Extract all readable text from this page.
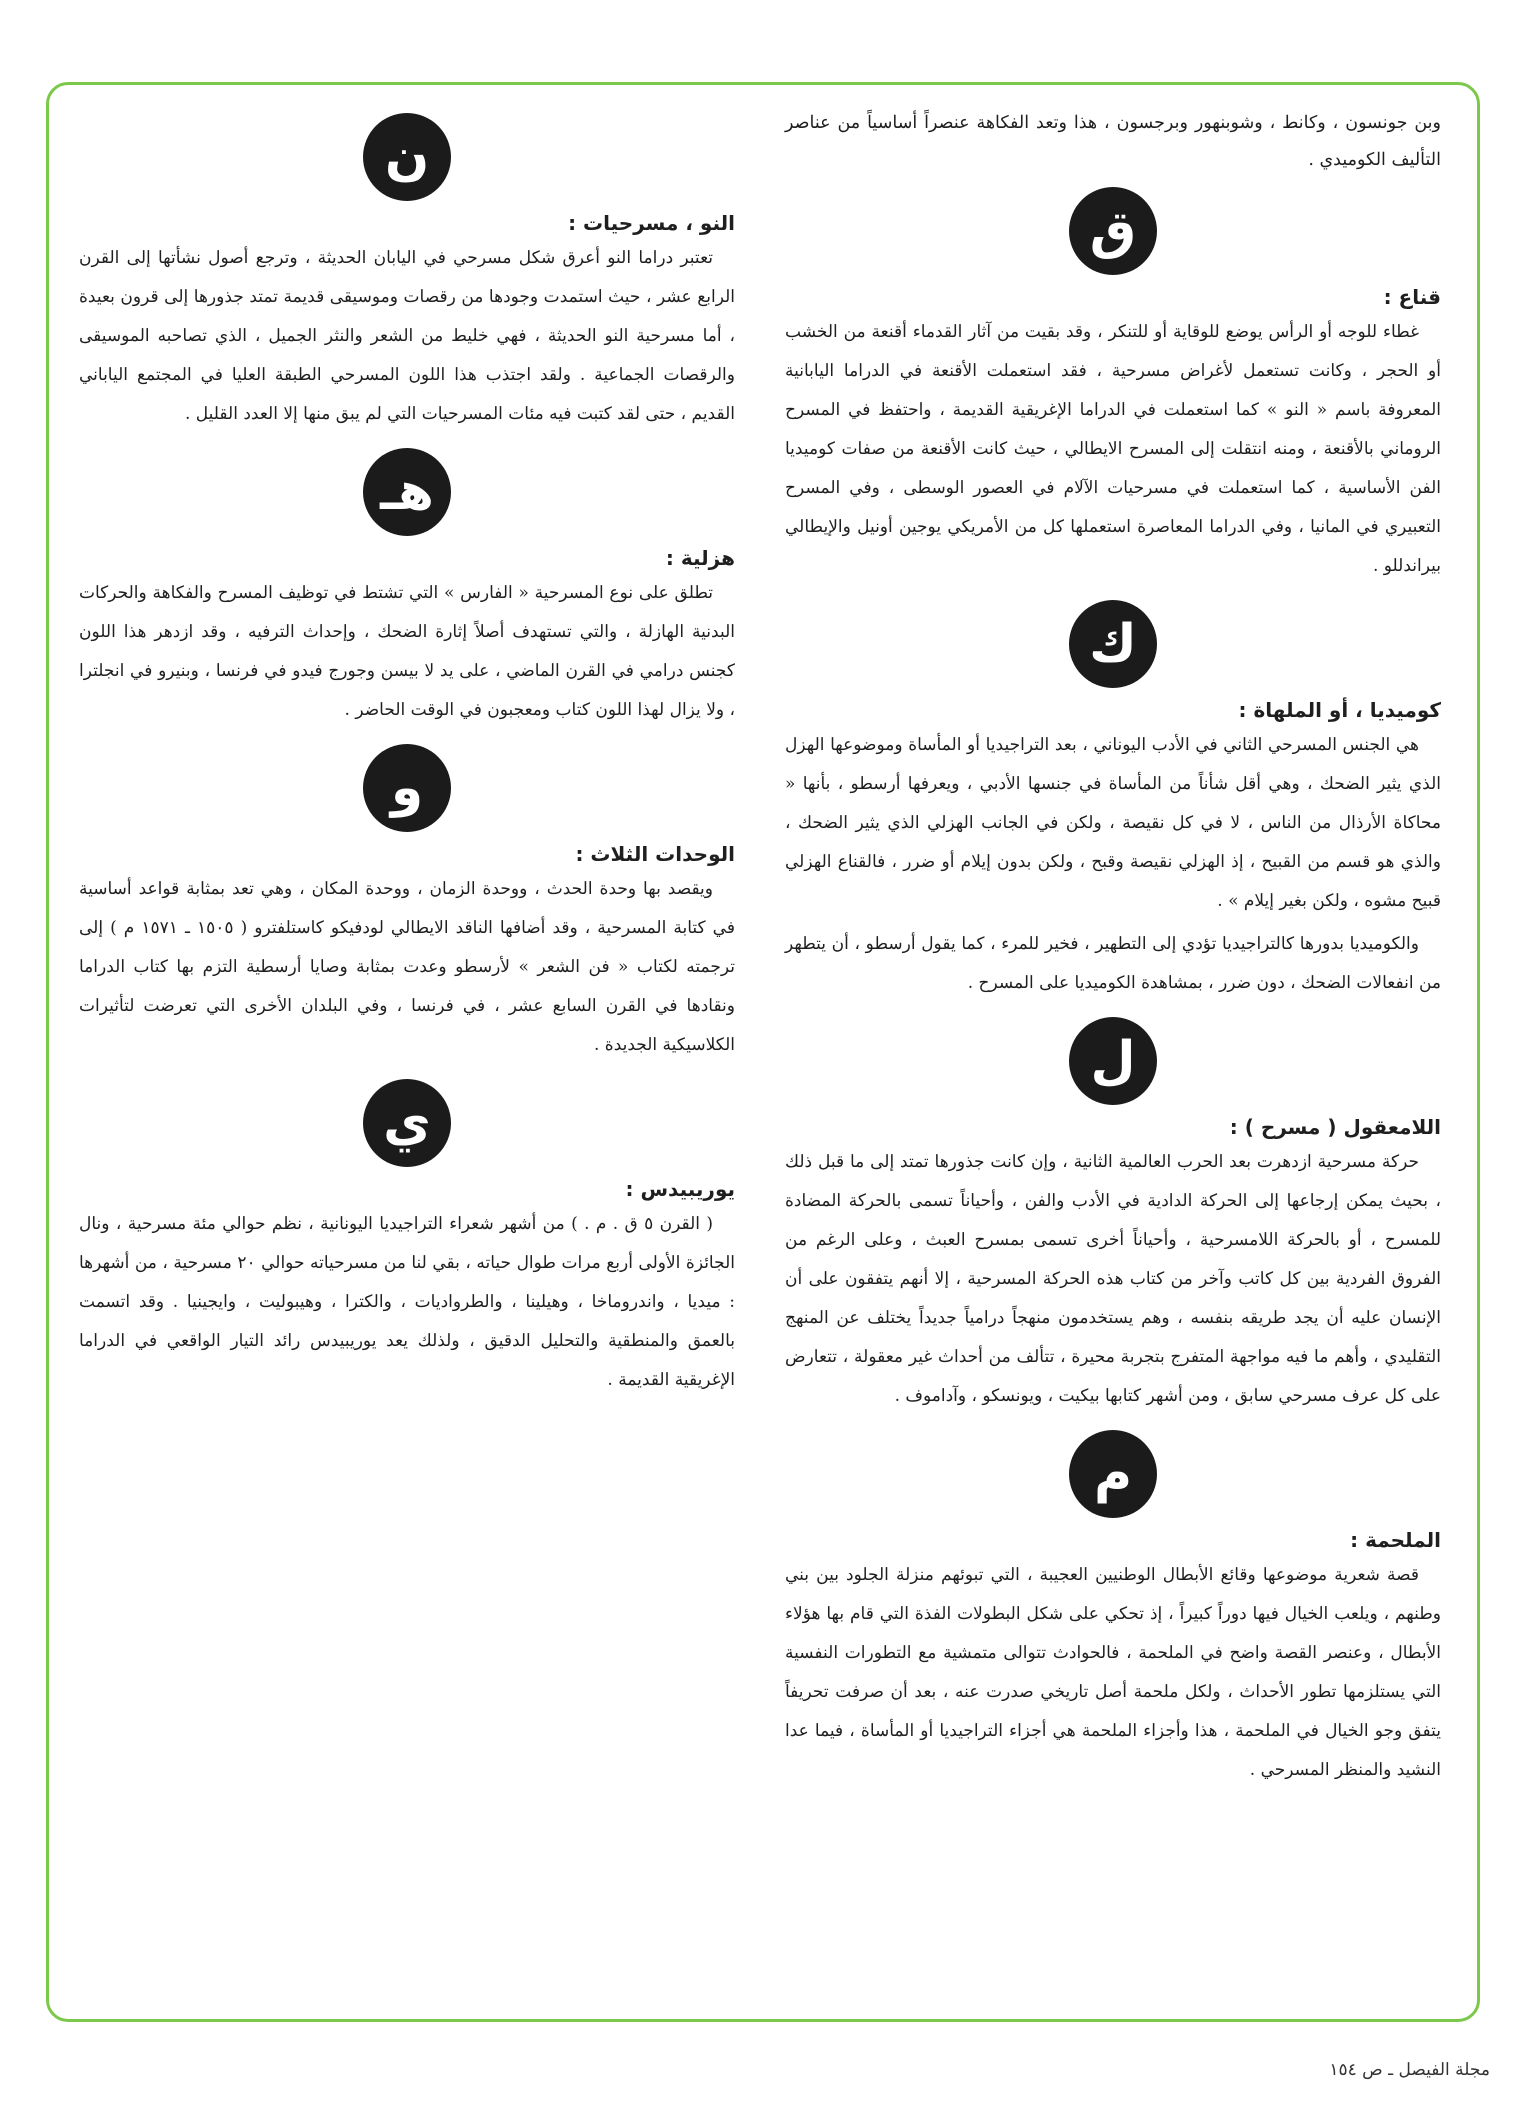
وبن جونسون ، وكانط ، وشوبنهور وبرجسون ، هذا وتعد الفكاهة عنصراً أساسياً من عناصر التأليف الكوميدي .

ق
قناع :

غطاء للوجه أو الرأس يوضع للوقاية أو للتنكر ، وقد بقيت من آثار القدماء أقنعة من الخشب أو الحجر ، وكانت تستعمل لأغراض مسرحية ، فقد استعملت الأقنعة في الدراما اليابانية المعروفة باسم « النو » كما استعملت في الدراما الإغريقية القديمة ، واحتفظ في المسرح الروماني بالأقنعة ، ومنه انتقلت إلى المسرح الايطالي ، حيث كانت الأقنعة من صفات كوميديا الفن الأساسية ، كما استعملت في مسرحيات الآلام في العصور الوسطى ، وفي المسرح التعبيري في المانيا ، وفي الدراما المعاصرة استعملها كل من الأمريكي يوجين أونيل والإيطالي بيراندللو .

ك
كوميديا ، أو الملهاة :

هي الجنس المسرحي الثاني في الأدب اليوناني ، بعد التراجيديا أو المأساة وموضوعها الهزل الذي يثير الضحك ، وهي أقل شأناً من المأساة في جنسها الأدبي ، ويعرفها أرسطو ، بأنها « محاكاة الأرذال من الناس ، لا في كل نقيصة ، ولكن في الجانب الهزلي الذي يثير الضحك ، والذي هو قسم من القبيح ، إذ الهزلي نقيصة وقبح ، ولكن بدون إيلام أو ضرر ، فالقناع الهزلي قبيح مشوه ، ولكن بغير إيلام » .

والكوميديا بدورها كالتراجيديا تؤدي إلى التطهير ، فخير للمرء ، كما يقول أرسطو ، أن يتطهر من انفعالات الضحك ، دون ضرر ، بمشاهدة الكوميديا على المسرح .

ل
اللامعقول ( مسرح ) :

حركة مسرحية ازدهرت بعد الحرب العالمية الثانية ، وإن كانت جذورها تمتد إلى ما قبل ذلك ، بحيث يمكن إرجاعها إلى الحركة الدادية في الأدب والفن ، وأحياناً تسمى بالحركة المضادة للمسرح ، أو بالحركة اللامسرحية ، وأحياناً أخرى تسمى بمسرح العبث ، وعلى الرغم من الفروق الفردية بين كل كاتب وآخر من كتاب هذه الحركة المسرحية ، إلا أنهم يتفقون على أن الإنسان عليه أن يجد طريقه بنفسه ، وهم يستخدمون منهجاً درامياً جديداً يختلف عن المنهج التقليدي ، وأهم ما فيه مواجهة المتفرج بتجربة محيرة ، تتألف من أحداث غير معقولة ، تتعارض على كل عرف مسرحي سابق ، ومن أشهر كتابها بيكيت ، ويونسكو ، وآداموف .

م
الملحمة :

قصة شعرية موضوعها وقائع الأبطال الوطنيين العجيبة ، التي تبوئهم منزلة الجلود بين بني وطنهم ، ويلعب الخيال فيها دوراً كبيراً ، إذ تحكي على شكل البطولات الفذة التي قام بها هؤلاء الأبطال ، وعنصر القصة واضح في الملحمة ، فالحوادث تتوالى متمشية مع التطورات النفسية التي يستلزمها تطور الأحداث ، ولكل ملحمة أصل تاريخي صدرت عنه ، بعد أن صرفت تحريفاً يتفق وجو الخيال في الملحمة ، هذا وأجزاء الملحمة هي أجزاء التراجيديا أو المأساة ، فيما عدا النشيد والمنظر المسرحي .

ن
النو ، مسرحيات :

تعتبر دراما النو أعرق شكل مسرحي في اليابان الحديثة ، وترجع أصول نشأتها إلى القرن الرابع عشر ، حيث استمدت وجودها من رقصات وموسيقى قديمة تمتد جذورها إلى قرون بعيدة ، أما مسرحية النو الحديثة ، فهي خليط من الشعر والنثر الجميل ، الذي تصاحبه الموسيقى والرقصات الجماعية . ولقد اجتذب هذا اللون المسرحي الطبقة العليا في المجتمع الياباني القديم ، حتى لقد كتبت فيه مئات المسرحيات التي لم يبق منها إلا العدد القليل .

هـ
هزلية :

تطلق على نوع المسرحية « الفارس » التي تشتط في توظيف المسرح والفكاهة والحركات البدنية الهازلة ، والتي تستهدف أصلاً إثارة الضحك ، وإحداث الترفيه ، وقد ازدهر هذا اللون كجنس درامي في القرن الماضي ، على يد لا بيسن وجورج فيدو في فرنسا ، وبنيرو في انجلترا ، ولا يزال لهذا اللون كتاب ومعجبون في الوقت الحاضر .

و
الوحدات الثلاث :

ويقصد بها وحدة الحدث ، ووحدة الزمان ، ووحدة المكان ، وهي تعد بمثابة قواعد أساسية في كتابة المسرحية ، وقد أضافها الناقد الايطالي لودفيكو كاستلفترو ( ١٥٠٥ ـ ١٥٧١ م ) إلى ترجمته لكتاب « فن الشعر » لأرسطو وعدت بمثابة وصايا أرسطية التزم بها كتاب الدراما ونقادها في القرن السابع عشر ، في فرنسا ، وفي البلدان الأخرى التي تعرضت لتأثيرات الكلاسيكية الجديدة .

ي
يوريبيدس :

( القرن ٥ ق . م . ) من أشهر شعراء التراجيديا اليونانية ، نظم حوالي مئة مسرحية ، ونال الجائزة الأولى أربع مرات طوال حياته ، بقي لنا من مسرحياته حوالي ٢٠ مسرحية ، من أشهرها : ميديا ، واندروماخا ، وهيلينا ، والطرواديات ، والكترا ، وهيبوليت ، وايجينيا . وقد اتسمت بالعمق والمنطقية والتحليل الدقيق ، ولذلك يعد يوريبيدس رائد التيار الواقعي في الدراما الإغريقية القديمة .

مجلة الفيصل ـ ص ١٥٤
